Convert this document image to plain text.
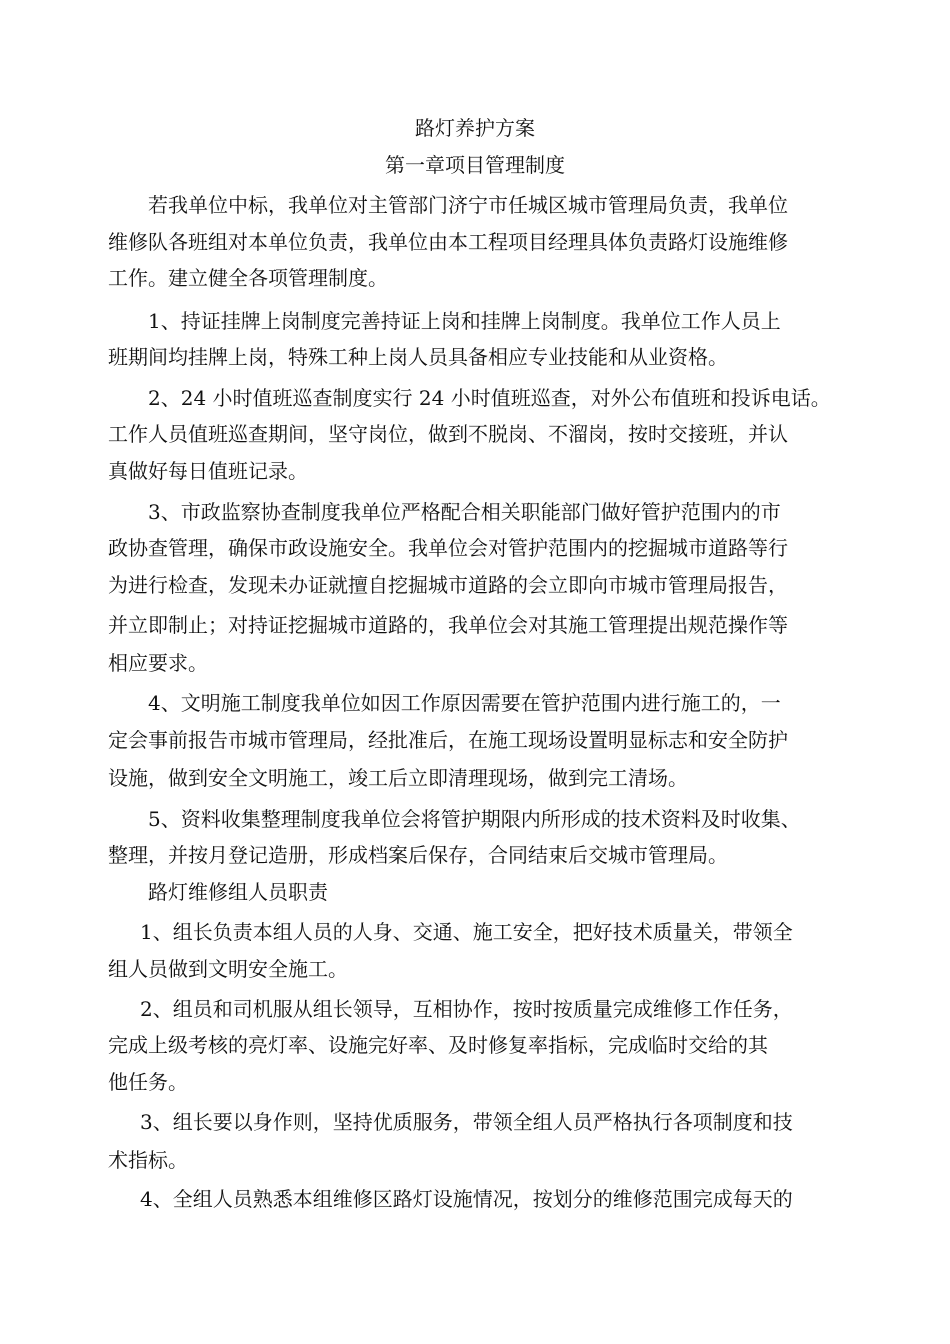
路灯养护方案
第一章项目管理制度
若我单位中标，我单位对主管部门济宁市任城区城市管理局负责，我单位
维修队各班组对本单位负责，我单位由本工程项目经理具体负责路灯设施维修
工作。建立健全各项管理制度。
1、持证挂牌上岗制度完善持证上岗和挂牌上岗制度。我单位工作人员上
班期间均挂牌上岗，特殊工种上岗人员具备相应专业技能和从业资格。
2、24 小时值班巡查制度实行 24 小时值班巡查，对外公布值班和投诉电话。
工作人员值班巡查期间，坚守岗位，做到不脱岗、不溜岗，按时交接班，并认
真做好每日值班记录。
3、市政监察协查制度我单位严格配合相关职能部门做好管护范围内的市
政协查管理，确保市政设施安全。我单位会对管护范围内的挖掘城市道路等行
为进行检查，发现未办证就擅自挖掘城市道路的会立即向市城市管理局报告，
并立即制止；对持证挖掘城市道路的，我单位会对其施工管理提出规范操作等
相应要求。
4、文明施工制度我单位如因工作原因需要在管护范围内进行施工的，一
定会事前报告市城市管理局，经批准后，在施工现场设置明显标志和安全防护
设施，做到安全文明施工，竣工后立即清理现场，做到完工清场。
5、资料收集整理制度我单位会将管护期限内所形成的技术资料及时收集、
整理，并按月登记造册，形成档案后保存，合同结束后交城市管理局。
路灯维修组人员职责
1、组长负责本组人员的人身、交通、施工安全，把好技术质量关，带领全
组人员做到文明安全施工。
2、组员和司机服从组长领导，互相协作，按时按质量完成维修工作任务，
完成上级考核的亮灯率、设施完好率、及时修复率指标，完成临时交给的其
他任务。
3、组长要以身作则，坚持优质服务，带领全组人员严格执行各项制度和技
术指标。
4、全组人员熟悉本组维修区路灯设施情况，按划分的维修范围完成每天的
